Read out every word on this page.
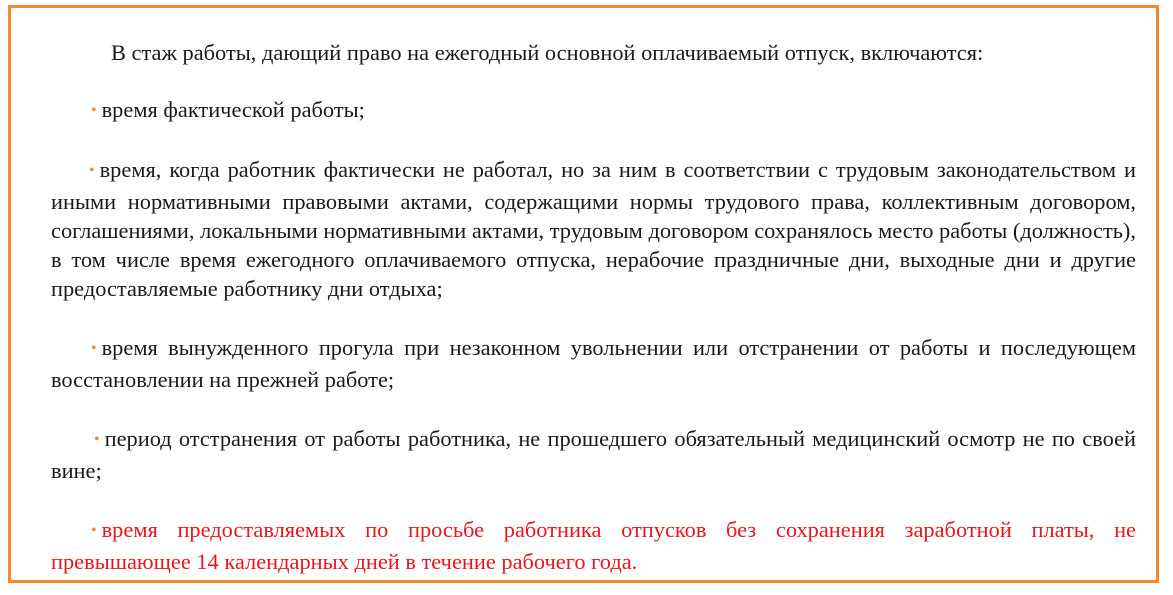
В стаж работы, дающий право на ежегодный основной оплачиваемый отпуск, включаются:

• время фактической работы;

• время, когда работник фактически не работал, но за ним в соответствии с трудовым законодательством и иными нормативными правовыми актами, содержащими нормы трудового права, коллективным договором, соглашениями, локальными нормативными актами, трудовым договором сохранялось место работы (должность), в том числе время ежегодного оплачиваемого отпуска, нерабочие праздничные дни, выходные дни и другие предоставляемые работнику дни отдыха;

• время вынужденного прогула при незаконном увольнении или отстранении от работы и последующем восстановлении на прежней работе;

• период отстранения от работы работника, не прошедшего обязательный медицинский осмотр не по своей вине;

• время предоставляемых по просьбе работника отпусков без сохранения заработной платы, не превышающее 14 календарных дней в течение рабочего года.
